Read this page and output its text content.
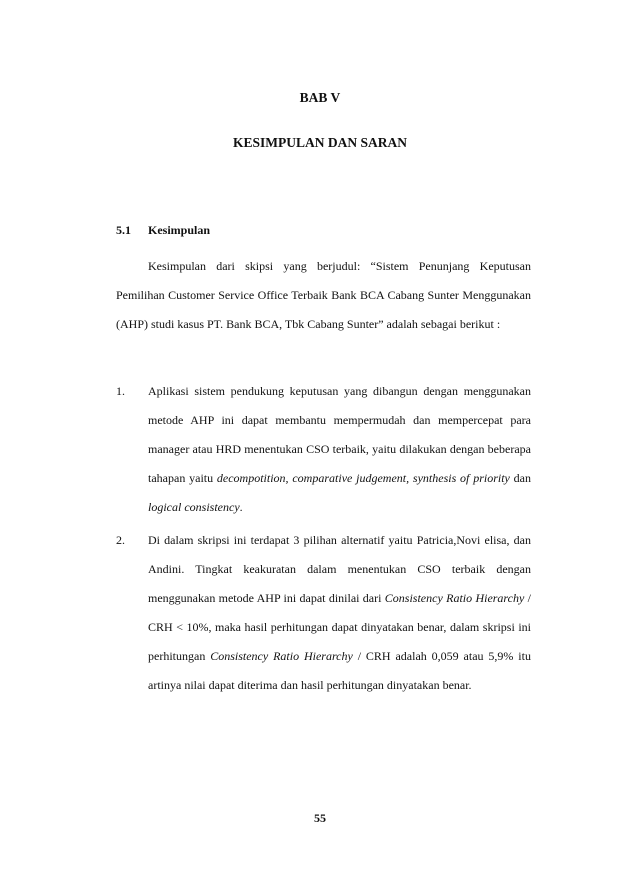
BAB V
KESIMPULAN DAN SARAN
5.1 Kesimpulan
Kesimpulan dari skipsi yang berjudul: “Sistem Penunjang Keputusan Pemilihan Customer Service Office Terbaik Bank BCA Cabang Sunter Menggunakan (AHP) studi kasus PT. Bank BCA, Tbk Cabang Sunter” adalah sebagai berikut :
1. Aplikasi sistem pendukung keputusan yang dibangun dengan menggunakan metode AHP ini dapat membantu mempermudah dan mempercepat para manager atau HRD menentukan CSO terbaik, yaitu dilakukan dengan beberapa tahapan yaitu decompotition, comparative judgement, synthesis of priority dan logical consistency.
2. Di dalam skripsi ini terdapat 3 pilihan alternatif yaitu Patricia,Novi elisa, dan Andini. Tingkat keakuratan dalam menentukan CSO terbaik dengan menggunakan metode AHP ini dapat dinilai dari Consistency Ratio Hierarchy / CRH < 10%, maka hasil perhitungan dapat dinyatakan benar, dalam skripsi ini perhitungan Consistency Ratio Hierarchy / CRH adalah 0,059 atau 5,9% itu artinya nilai dapat diterima dan hasil perhitungan dinyatakan benar.
55
